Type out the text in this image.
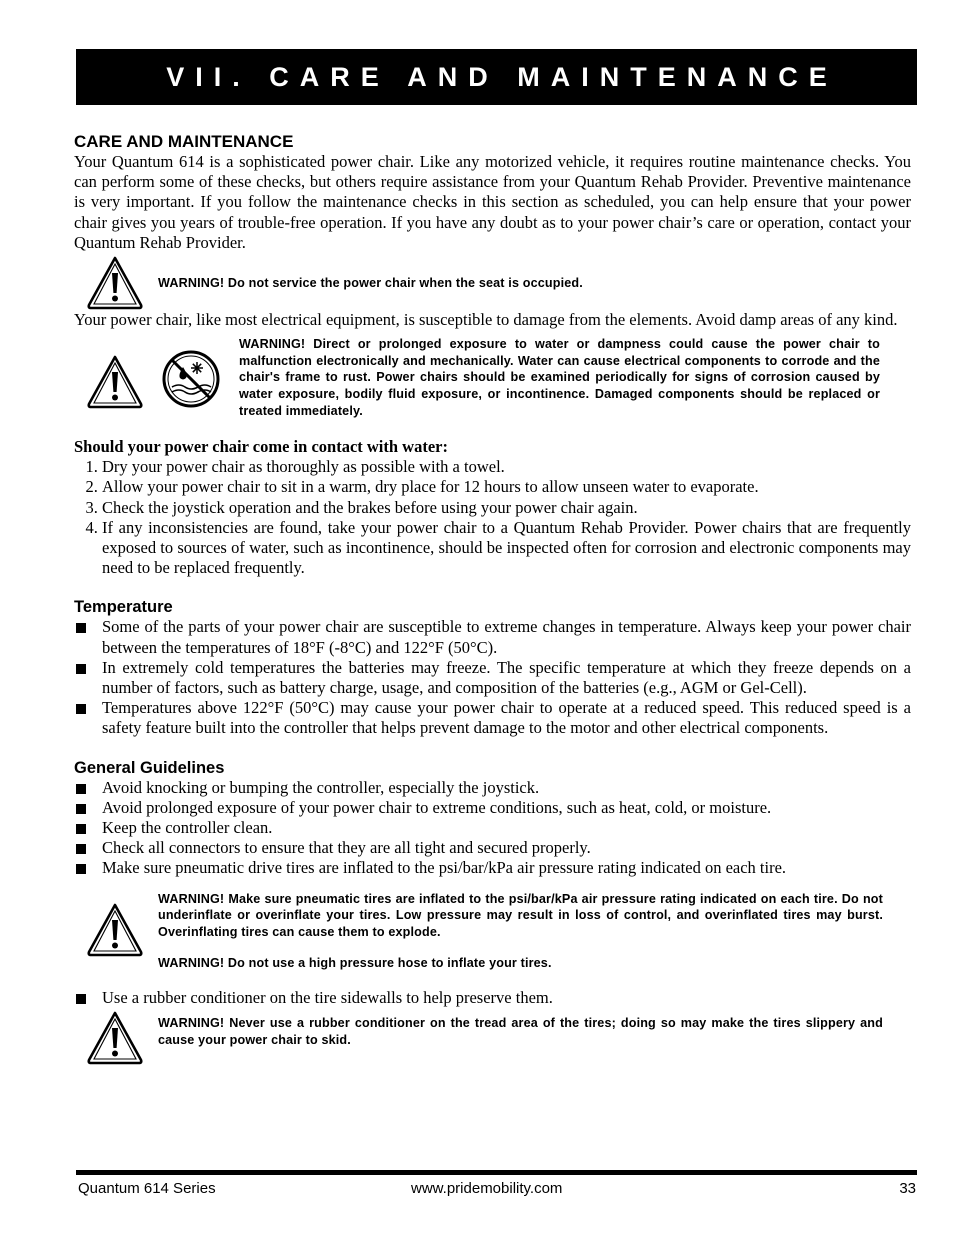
VII. CARE AND MAINTENANCE
CARE AND MAINTENANCE

Your Quantum 614 is a sophisticated power chair. Like any motorized vehicle, it requires routine maintenance checks. You can perform some of these checks, but others require assistance from your Quantum Rehab Provider. Preventive maintenance is very important. If you follow the maintenance checks in this section as scheduled, you can help ensure that your power chair gives you years of trouble-free operation. If you have any doubt as to your power chair’s care or operation, contact your Quantum Rehab Provider.

WARNING! Do not service the power chair when the seat is occupied.

Your power chair, like most electrical equipment, is susceptible to damage from the elements. Avoid damp areas of any kind.

WARNING! Direct or prolonged exposure to water or dampness could cause the power chair to malfunction electronically and mechanically. Water can cause electrical components to corrode and the chair's frame to rust. Power chairs should be examined periodically for signs of corrosion caused by water exposure, bodily fluid exposure, or incontinence. Damaged components should be replaced or treated immediately.
Should your power chair come in contact with water:
1. Dry your power chair as thoroughly as possible with a towel.
2. Allow your power chair to sit in a warm, dry place for 12 hours to allow unseen water to evaporate.
3. Check the joystick operation and the brakes before using your power chair again.
4. If any inconsistencies are found, take your power chair to a Quantum Rehab Provider. Power chairs that are frequently exposed to sources of water, such as incontinence, should be inspected often for corrosion and electronic components may need to be replaced frequently.
Temperature
Some of the parts of your power chair are susceptible to extreme changes in temperature. Always keep your power chair between the temperatures of 18°F (-8°C) and 122°F (50°C).
In extremely cold temperatures the batteries may freeze. The specific temperature at which they freeze depends on a number of factors, such as battery charge, usage, and composition of the batteries (e.g., AGM or Gel-Cell).
Temperatures above 122°F (50°C) may cause your power chair to operate at a reduced speed. This reduced speed is a safety feature built into the controller that helps prevent damage to the motor and other electrical components.
General Guidelines
Avoid knocking or bumping the controller, especially the joystick.
Avoid prolonged exposure of your power chair to extreme conditions, such as heat, cold, or moisture.
Keep the controller clean.
Check all connectors to ensure that they are all tight and secured properly.
Make sure pneumatic drive tires are inflated to the psi/bar/kPa air pressure rating indicated on each tire.
WARNING! Make sure pneumatic tires are inflated to the psi/bar/kPa air pressure rating indicated on each tire. Do not underinflate or overinflate your tires. Low pressure may result in loss of control, and overinflated tires may burst. Overinflating tires can cause them to explode.
WARNING! Do not use a high pressure hose to inflate your tires.
Use a rubber conditioner on the tire sidewalls to help preserve them.
WARNING! Never use a rubber conditioner on the tread area of the tires; doing so may make the tires slippery and cause your power chair to skid.
Quantum 614 Series	www.pridemobility.com	33
